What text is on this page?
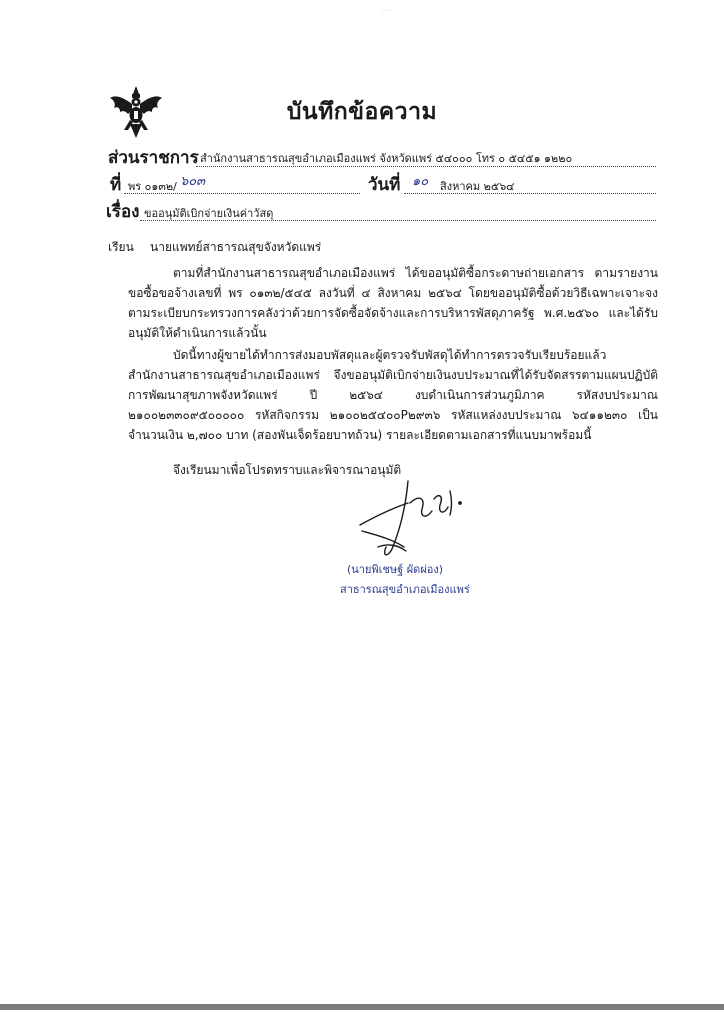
·····
บันทึกข้อความ
ส่วนราชการ สำนักงานสาธารณสุขอำเภอเมืองแพร่ จังหวัดแพร่ ๕๔๐๐๐ โทร ๐ ๕๔๕๑ ๑๒๒๐
ที่ พร ๐๑๓๒/ ๖๐๓	วันที่ ๑๐ สิงหาคม ๒๕๖๔
เรื่อง ขออนุมัติเบิกจ่ายเงินค่าวัสดุ
เรียน นายแพทย์สาธารณสุขจังหวัดแพร่

ตามที่สำนักงานสาธารณสุขอำเภอเมืองแพร่ ได้ขออนุมัติซื้อกระดาษถ่ายเอกสาร ตามรายงานขอซื้อขอจ้างเลขที่ พร ๐๑๓๒/๕๔๕ ลงวันที่ ๔ สิงหาคม ๒๕๖๔ โดยขออนุมัติซื้อด้วยวิธีเฉพาะเจาะจงตามระเบียบกระทรวงการคลังว่าด้วยการจัดซื้อจัดจ้างและการบริหารพัสดุภาครัฐ พ.ศ.๒๕๖๐ และได้รับอนุมัติให้ดำเนินการแล้วนั้น

บัดนี้ทางผู้ขายได้ทำการส่งมอบพัสดุและผู้ตรวจรับพัสดุได้ทำการตรวจรับเรียบร้อยแล้ว สำนักงานสาธารณสุขอำเภอเมืองแพร่ จึงขออนุมัติเบิกจ่ายเงินงบประมาณที่ได้รับจัดสรรตามแผนปฏิบัติการพัฒนาสุขภาพจังหวัดแพร่ ปี ๒๕๖๔ งบดำเนินการส่วนภูมิภาค รหัสงบประมาณ ๒๑๐๐๒๓๓๐๙๕๐๐๐๐๐ รหัสกิจกรรม ๒๑๐๐๒๕๔๐๐P๒๙๓๖ รหัสแหล่งงบประมาณ ๖๔๑๑๒๓๐ เป็นจำนวนเงิน ๒,๗๐๐ บาท (สองพันเจ็ดร้อยบาทถ้วน) รายละเอียดตามเอกสารที่แนบมาพร้อมนี้

จึงเรียนมาเพื่อโปรดทราบและพิจารณาอนุมัติ
(นายพิเชษฐ์ ผัดผ่อง)
สาธารณสุขอำเภอเมืองแพร่
